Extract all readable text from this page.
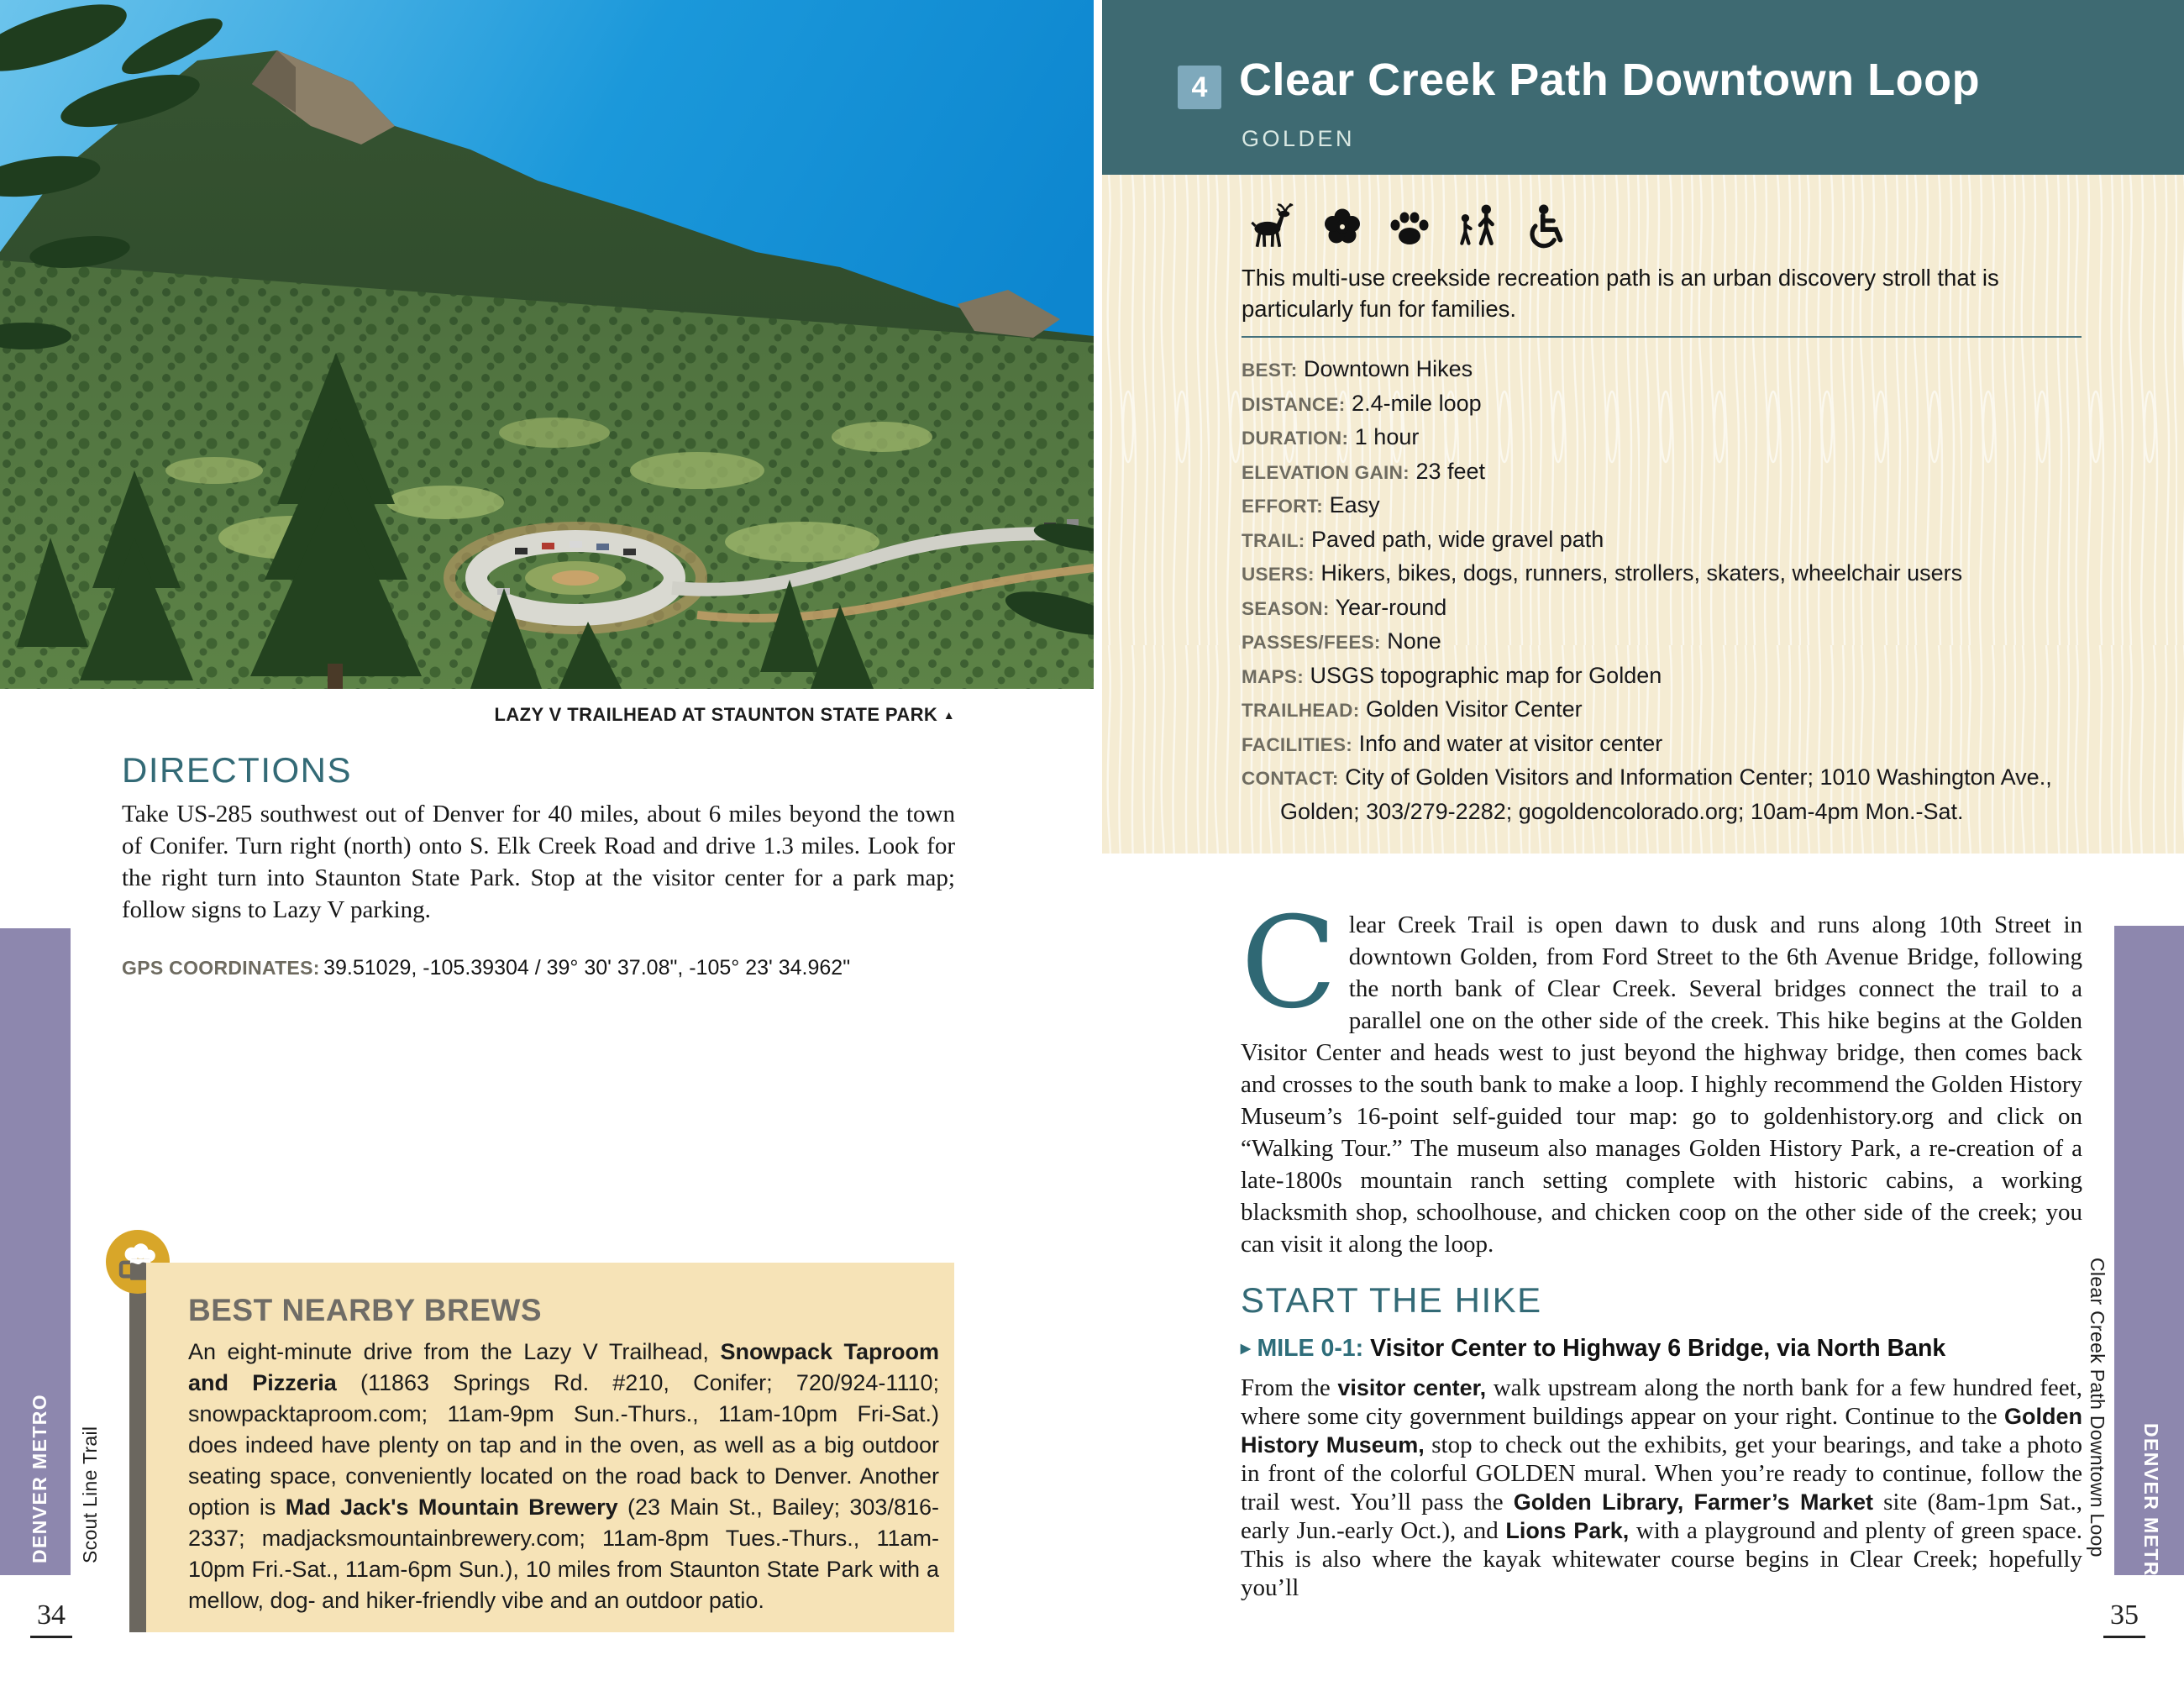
LAZY V TRAILHEAD AT STAUNTON STATE PARK ▲
DIRECTIONS

Take US-285 southwest out of Denver for 40 miles, about 6 miles beyond the town of Conifer. Turn right (north) onto S. Elk Creek Road and drive 1.3 miles. Look for the right turn into Staunton State Park. Stop at the visitor center for a park map; follow signs to Lazy V parking.

GPS COORDINATES: 39.51029, -105.39304 / 39° 30' 37.08", -105° 23' 34.962"

BEST NEARBY BREWS

An eight-minute drive from the Lazy V Trailhead, Snowpack Taproom and Pizzeria (11863 Springs Rd. #210, Conifer; 720/924-1110; snowpacktaproom.com; 11am-9pm Sun.-Thurs., 11am-10pm Fri-Sat.) does indeed have plenty on tap and in the oven, as well as a big outdoor seating space, conveniently located on the road back to Denver. Another option is Mad Jack's Mountain Brewery (23 Main St., Bailey; 303/816-2337; madjacksmountainbrewery.com; 11am-8pm Tues.-Thurs., 11am-10pm Fri.-Sat., 11am-6pm Sun.), 10 miles from Staunton State Park with a mellow, dog- and hiker-friendly vibe and an outdoor patio.

DENVER METRO Scout Line Trail
34
4 Clear Creek Path Downtown Loop
GOLDEN

This multi-use creekside recreation path is an urban discovery stroll that is particularly fun for families.

BEST: Downtown Hikes
DISTANCE: 2.4-mile loop
DURATION: 1 hour
ELEVATION GAIN: 23 feet
EFFORT: Easy
TRAIL: Paved path, wide gravel path
USERS: Hikers, bikes, dogs, runners, strollers, skaters, wheelchair users
SEASON: Year-round
PASSES/FEES: None
MAPS: USGS topographic map for Golden
TRAILHEAD: Golden Visitor Center
FACILITIES: Info and water at visitor center
CONTACT: City of Golden Visitors and Information Center; 1010 Washington Ave., Golden; 303/279-2282; gogoldencolorado.org; 10am-4pm Mon.-Sat.

Clear Creek Trail is open dawn to dusk and runs along 10th Street in downtown Golden, from Ford Street to the 6th Avenue Bridge, following the north bank of Clear Creek. Several bridges connect the trail to a parallel one on the other side of the creek. This hike begins at the Golden Visitor Center and heads west to just beyond the highway bridge, then comes back and crosses to the south bank to make a loop. I highly recommend the Golden History Museum’s 16-point self-guided tour map: go to goldenhistory.org and click on “Walking Tour.” The museum also manages Golden History Park, a re-creation of a late-1800s mountain ranch setting complete with historic cabins, a working blacksmith shop, schoolhouse, and chicken coop on the other side of the creek; you can visit it along the loop.

START THE HIKE

▸ MILE 0-1: Visitor Center to Highway 6 Bridge, via North Bank

From the visitor center, walk upstream along the north bank for a few hundred feet, where some city government buildings appear on your right. Continue to the Golden History Museum, stop to check out the exhibits, get your bearings, and take a photo in front of the colorful GOLDEN mural. When you’re ready to continue, follow the trail west. You’ll pass the Golden Library, Farmer’s Market site (8am-1pm Sat., early Jun.-early Oct.), and Lions Park, with a playground and plenty of green space. This is also where the kayak whitewater course begins in Clear Creek; hopefully you’ll	DENVER METRO
Clear Creek Path Downtown Loop
35
